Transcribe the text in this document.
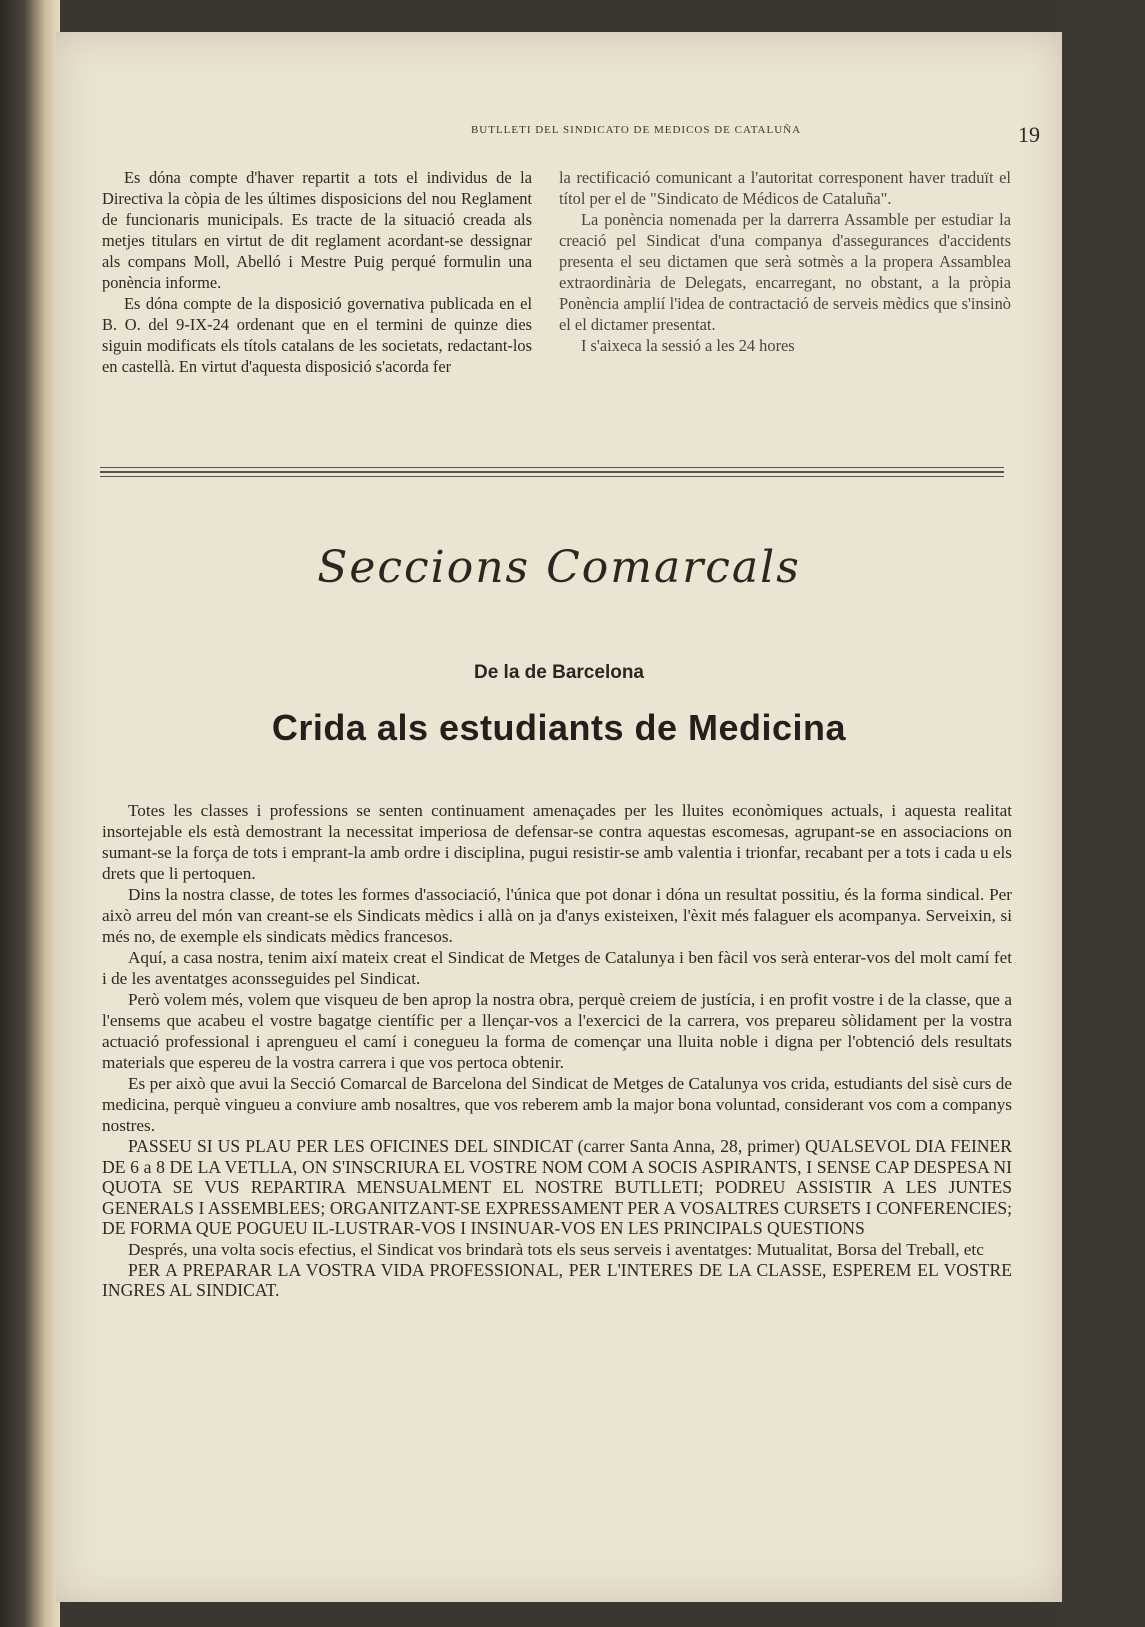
BUTLLETI DEL SINDICATO DE MEDICOS DE CATALUÑA	19

Es dóna compte d'haver repartit a tots el individus de la Directiva la còpia de les últimes disposicions del nou Reglament de funcionaris municipals. Es tracte de la situació creada als metjes titulars en virtut de dit reglament acordant-se dessignar als compans Moll, Abelló i Mestre Puig perqué formulin una ponència informe.

Es dóna compte de la disposició governativa publicada en el B. O. del 9-IX-24 ordenant que en el termini de quinze dies siguin modificats els títols catalans de les societats, redactant-los en castellà. En virtut d'aquesta disposició s'acorda fer

la rectificació comunicant a l'autoritat corresponent haver traduït el títol per el de "Sindicato de Médicos de Cataluña".

La ponència nomenada per la darrerra Assamble per estudiar la creació pel Sindicat d'una companya d'assegurances d'accidents presenta el seu dictamen que serà sotmès a la propera Assamblea extraordinària de Delegats, encarregant, no obstant, a la pròpia Ponència amplií l'idea de contractació de serveis mèdics que s'insinò el el dictamer presentat.

I s'aixeca la sessió a les 24 hores

Seccions Comarcals
De la de Barcelona
Crida als estudiants de Medicina

Totes les classes i professions se senten continuament amenaçades per les lluites econòmiques actuals, i aquesta realitat insortejable els està demostrant la necessitat imperiosa de defensar-se contra aquestas escomesas, agrupant-se en associacions on sumant-se la força de tots i emprant-la amb ordre i disciplina, pugui resistir-se amb valentia i trionfar, recabant per a tots i cada u els drets que li pertoquen.

Dins la nostra classe, de totes les formes d'associació, l'única que pot donar i dóna un resultat possitiu, és la forma sindical. Per això arreu del món van creant-se els Sindicats mèdics i allà on ja d'anys existeixen, l'èxit més falaguer els acompanya. Serveixin, si més no, de exemple els sindicats mèdics francesos.

Aquí, a casa nostra, tenim així mateix creat el Sindicat de Metges de Catalunya i ben fàcil vos serà enterar-vos del molt camí fet i de les aventatges aconsseguides pel Sindicat.

Però volem més, volem que visqueu de ben aprop la nostra obra, perquè creiem de justícia, i en profit vostre i de la classe, que a l'ensems que acabeu el vostre bagatge científic per a llençar-vos a l'exercici de la carrera, vos prepareu sòlidament per la vostra actuació professional i aprengueu el camí i conegueu la forma de començar una lluita noble i digna per l'obtenció dels resultats materials que espereu de la vostra carrera i que vos pertoca obtenir.

Es per això que avui la Secció Comarcal de Barcelona del Sindicat de Metges de Catalunya vos crida, estudiants del sisè curs de medicina, perquè vingueu a conviure amb nosaltres, que vos reberem amb la major bona voluntad, considerant vos com a companys nostres.

PASSEU SI US PLAU PER LES OFICINES DEL SINDICAT (carrer Santa Anna, 28, primer) QUALSEVOL DIA FEINER DE 6 a 8 DE LA VETLLA, ON S'INSCRIURA EL VOSTRE NOM COM A SOCIS ASPIRANTS, I SENSE CAP DESPESA NI QUOTA SE VUS REPARTIRA MENSUALMENT EL NOSTRE BUTLLETI; PODREU ASSISTIR A LES JUNTES GENERALS I ASSEMBLEES; ORGANITZANT-SE EXPRESSAMENT PER A VOSALTRES CURSETS I CONFERENCIES; DE FORMA QUE POGUEU IL-LUSTRAR-VOS I INSINUAR-VOS EN LES PRINCIPALS QUESTIONS

Després, una volta socis efectius, el Sindicat vos brindarà tots els seus serveis i aventatges: Mutualitat, Borsa del Treball, etc

PER A PREPARAR LA VOSTRA VIDA PROFESSIONAL, PER L'INTERES DE LA CLASSE, ESPEREM EL VOSTRE INGRES AL SINDICAT.
